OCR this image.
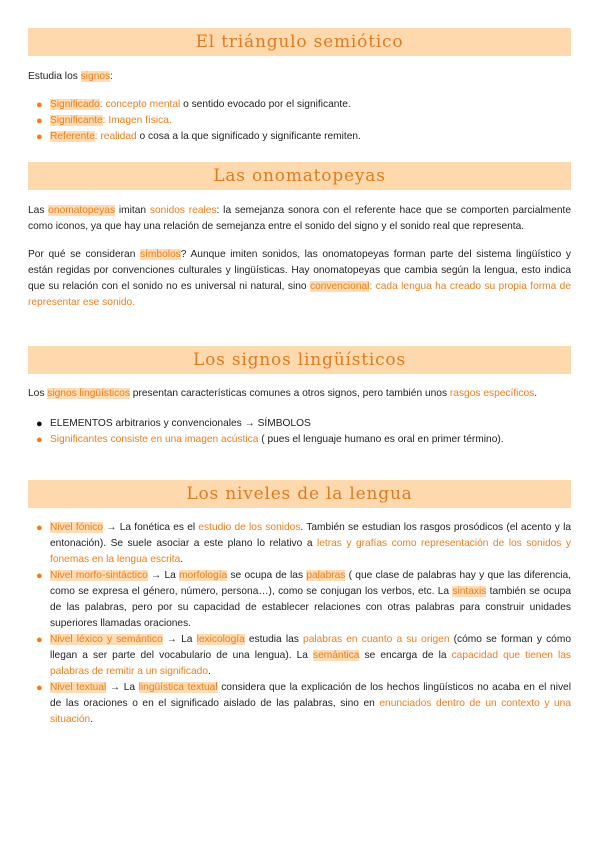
El triángulo semiótico

Estudia los signos:

● Significado: concepto mental o sentido evocado por el significante.
● Significante: Imagen física.
● Referente: realidad o cosa a la que significado y significante remiten.
Las onomatopeyas

Las onomatopeyas imitan sonidos reales: la semejanza sonora con el referente hace que se comporten parcialmente como iconos, ya que hay una relación de semejanza entre el sonido del signo y el sonido real que representa.

Por qué se consideran símbolos? Aunque imiten sonidos, las onomatopeyas forman parte del sistema lingüístico y están regidas por convenciones culturales y lingüísticas. Hay onomatopeyas que cambia según la lengua, esto indica que su relación con el sonido no es universal ni natural, sino convencional: cada lengua ha creado su propia forma de representar ese sonido.

Los signos lingüísticos

Los signos lingüísticos presentan características comunes a otros signos, pero también unos rasgos específicos.

● ELEMENTOS arbitrarios y convencionales → SÍMBOLOS
● Significantes consiste en una imagen acústica ( pues el lenguaje humano es oral en primer término).
Los niveles de la lengua
● Nivel fónico → La fonética es el estudio de los sonidos. También se estudian los rasgos prosódicos (el acento y la entonación). Se suele asociar a este plano lo relativo a letras y grafías como representación de los sonidos y fonemas en la lengua escrita.
● Nivel morfo-sintáctico → La morfología se ocupa de las palabras ( que clase de palabras hay y que las diferencia, como se expresa el género, número, persona…), como se conjugan los verbos, etc. La sintaxis también se ocupa de las palabras, pero por su capacidad de establecer relaciones con otras palabras para construir unidades superiores llamadas oraciones.
● Nivel léxico y semántico → La lexicología estudia las palabras en cuanto a su origen (cómo se forman y cómo llegan a ser parte del vocabulario de una lengua). La semántica se encarga de la capacidad que tienen las palabras de remitir a un significado.
● Nivel textual → La lingüística textual considera que la explicación de los hechos lingüísticos no acaba en el nivel de las oraciones o en el significado aislado de las palabras, sino en enunciados dentro de un contexto y una situación.
